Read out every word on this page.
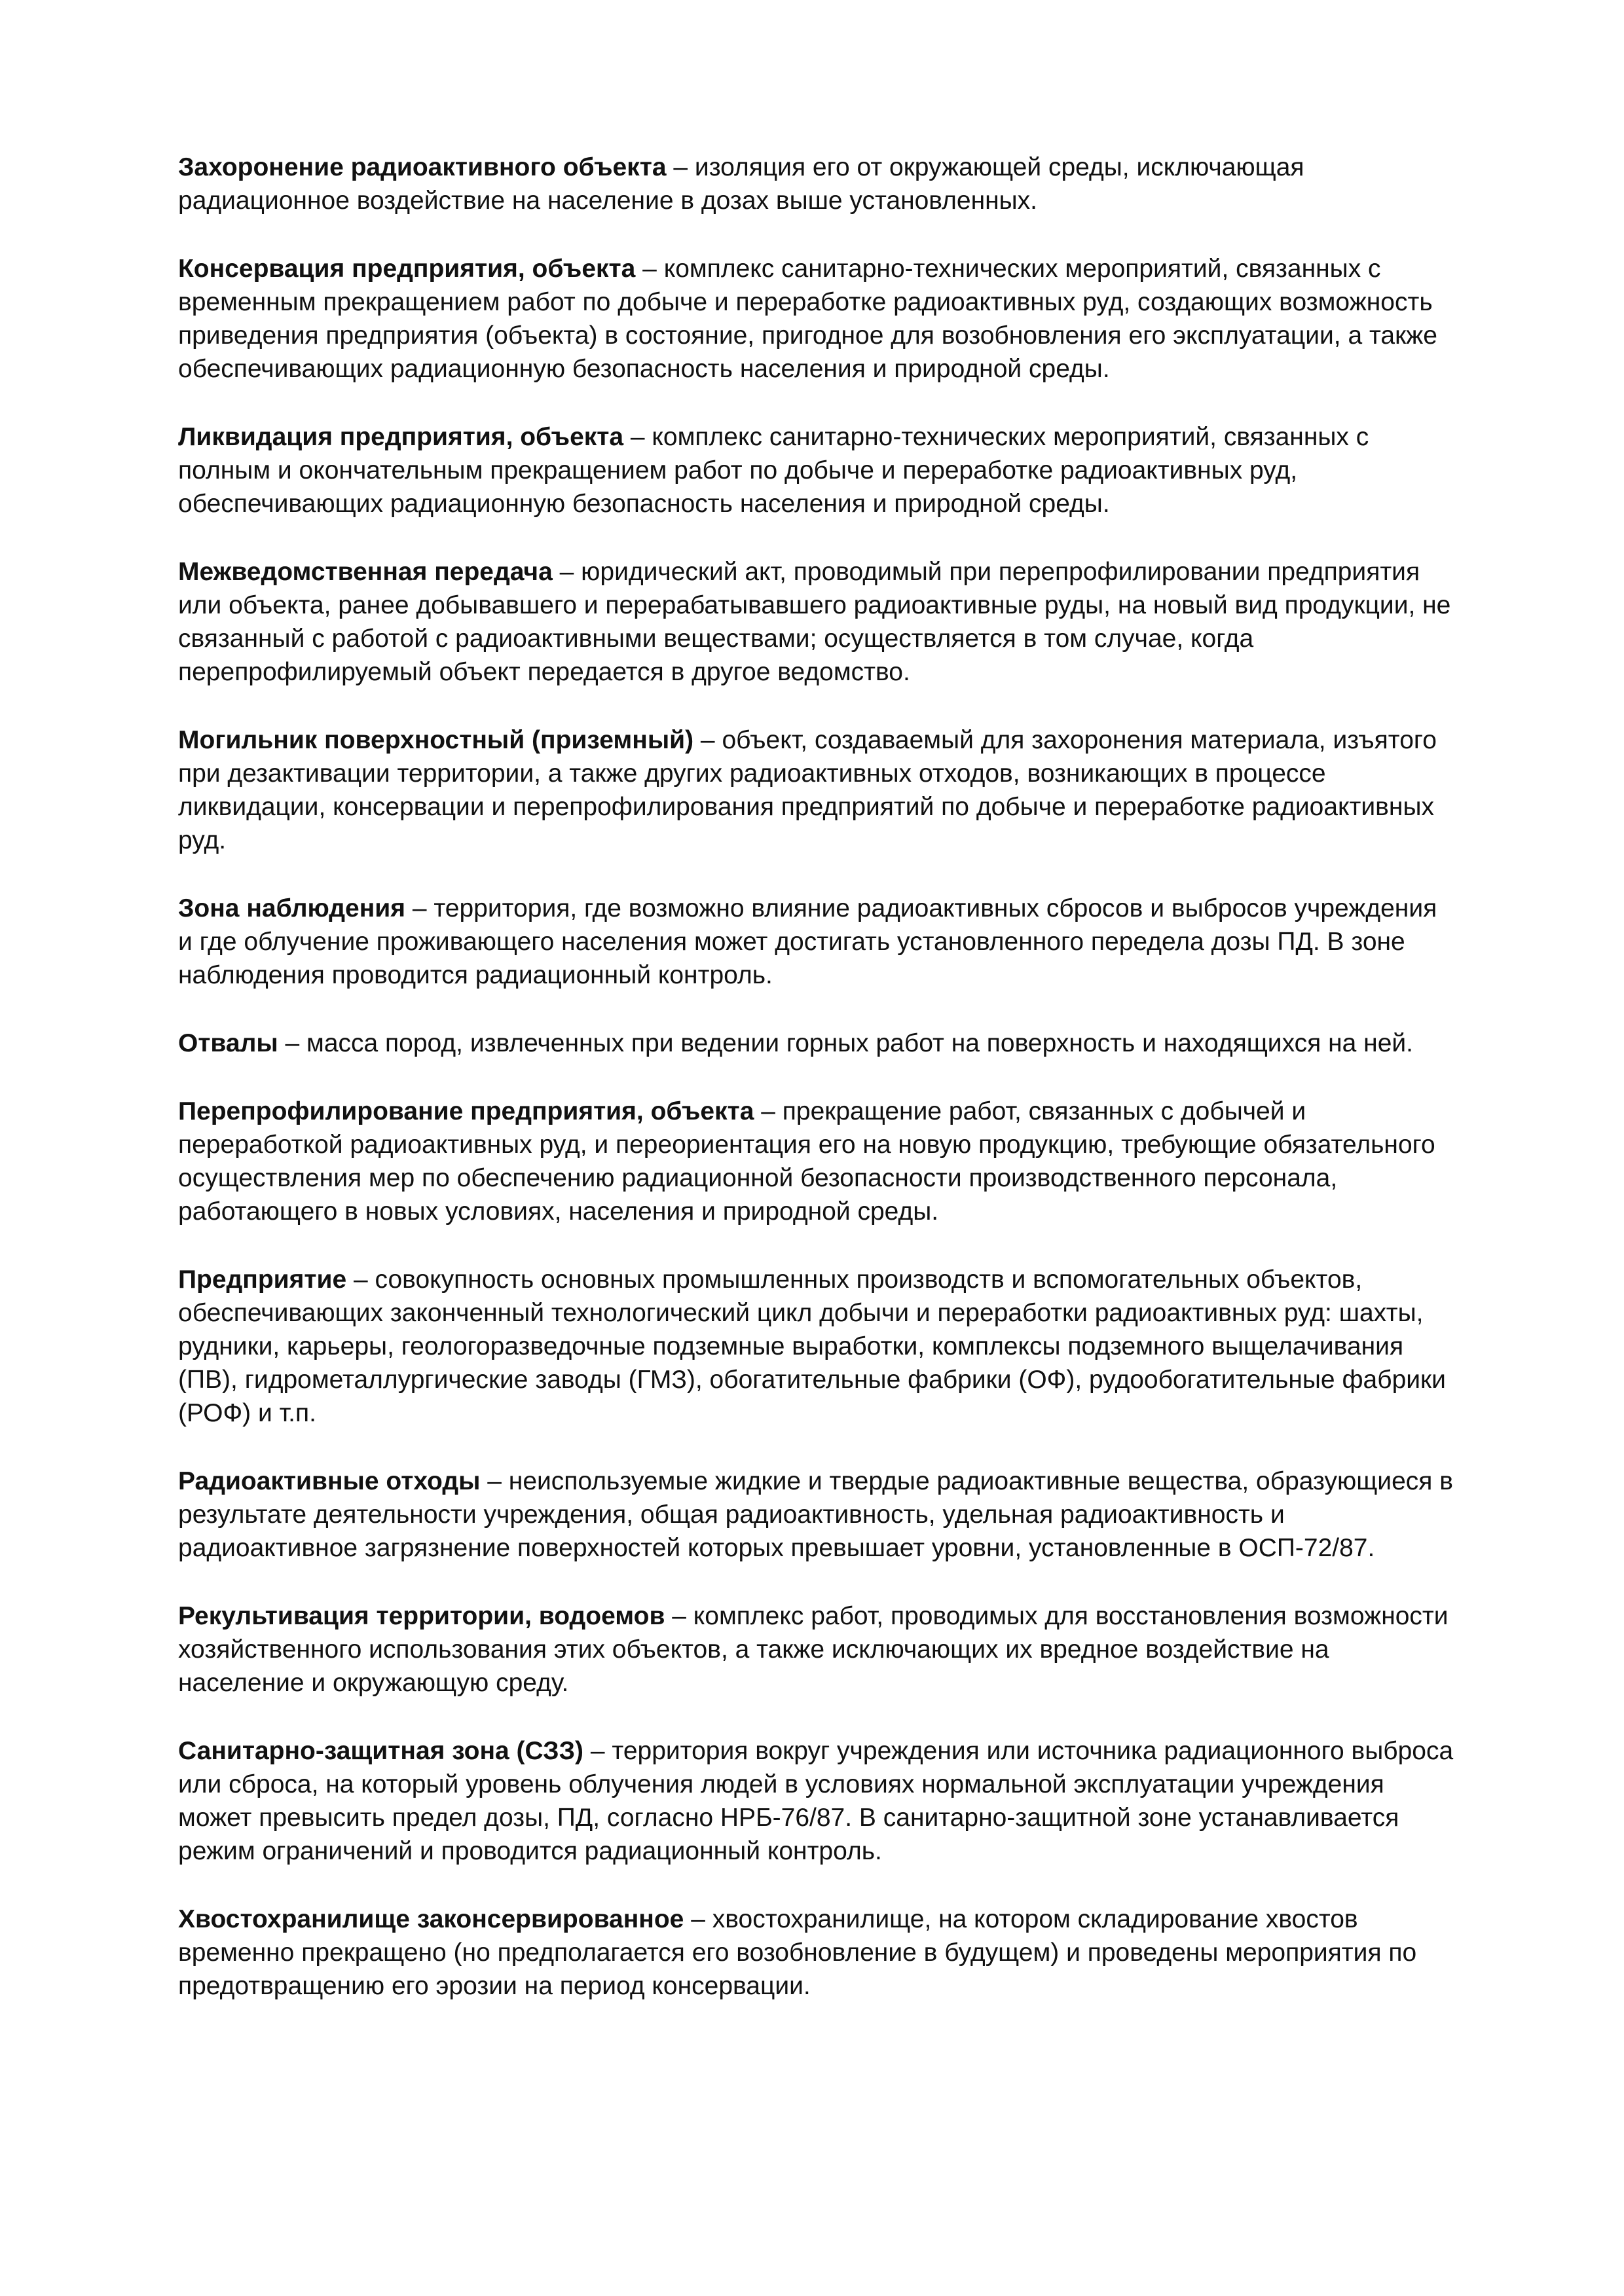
Захоронение радиоактивного объекта – изоляция его от окружающей среды, исключающая радиационное воздействие на население в дозах выше установленных.

Консервация предприятия, объекта – комплекс санитарно-технических мероприятий, связанных с временным прекращением работ по добыче и переработке радиоактивных руд, создающих возможность приведения предприятия (объекта) в состояние, пригодное для возобновления его эксплуатации, а также обеспечивающих радиационную безопасность населения и природной среды.

Ликвидация предприятия, объекта – комплекс санитарно-технических мероприятий, связанных с полным и окончательным прекращением работ по добыче и переработке радиоактивных руд, обеспечивающих радиационную безопасность населения и природной среды.

Межведомственная передача – юридический акт, проводимый при перепрофилировании предприятия или объекта, ранее добывавшего и перерабатывавшего радиоактивные руды, на новый вид продукции, не связанный с работой с радиоактивными веществами; осуществляется в том случае, когда перепрофилируемый объект передается в другое ведомство.

Могильник поверхностный (приземный) – объект, создаваемый для захоронения материала, изъятого при дезактивации территории, а также других радиоактивных отходов, возникающих в процессе ликвидации, консервации и перепрофилирования предприятий по добыче и переработке радиоактивных руд.

Зона наблюдения – территория, где возможно влияние радиоактивных сбросов и выбросов учреждения и где облучение проживающего населения может достигать установленного передела дозы ПД. В зоне наблюдения проводится радиационный контроль.

Отвалы – масса пород, извлеченных при ведении горных работ на поверхность и находящихся на ней.

Перепрофилирование предприятия, объекта – прекращение работ, связанных с добычей и переработкой радиоактивных руд, и переориентация его на новую продукцию, требующие обязательного осуществления мер по обеспечению радиационной безопасности производственного персонала, работающего в новых условиях, населения и природной среды.

Предприятие – совокупность основных промышленных производств и вспомогательных объектов, обеспечивающих законченный технологический цикл добычи и переработки радиоактивных руд: шахты, рудники, карьеры, геологоразведочные подземные выработки, комплексы подземного выщелачивания (ПВ), гидрометаллургические заводы (ГМЗ), обогатительные фабрики (ОФ), рудообогатительные фабрики (РОФ) и т.п.

Радиоактивные отходы – неиспользуемые жидкие и твердые радиоактивные вещества, образующиеся в результате деятельности учреждения, общая радиоактивность, удельная радиоактивность и радиоактивное загрязнение поверхностей которых превышает уровни, установленные в ОСП-72/87.

Рекультивация территории, водоемов – комплекс работ, проводимых для восстановления возможности хозяйственного использования этих объектов, а также исключающих их вредное воздействие на население и окружающую среду.

Санитарно-защитная зона (СЗЗ) – территория вокруг учреждения или источника радиационного выброса или сброса, на который уровень облучения людей в условиях нормальной эксплуатации учреждения может превысить предел дозы, ПД, согласно НРБ-76/87. В санитарно-защитной зоне устанавливается режим ограничений и проводится радиационный контроль.

Хвостохранилище законсервированное – хвостохранилище, на котором складирование хвостов временно прекращено (но предполагается его возобновление в будущем) и проведены мероприятия по предотвращению его эрозии на период консервации.
